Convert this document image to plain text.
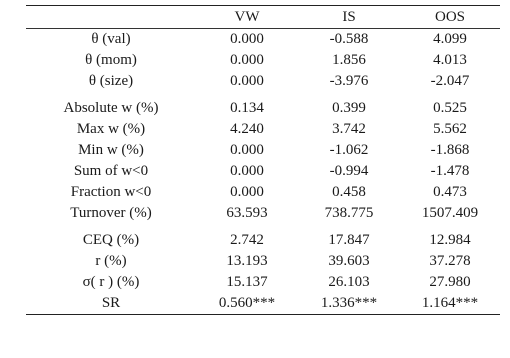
	VW	IS	OOS
θ (val)	0.000	-0.588	4.099
θ (mom)	0.000	1.856	4.013
θ (size)	0.000	-3.976	-2.047

Absolute w (%)	0.134	0.399	0.525
Max w (%)	4.240	3.742	5.562
Min w (%)	0.000	-1.062	-1.868
Sum of w<0	0.000	-0.994	-1.478
Fraction w<0	0.000	0.458	0.473
Turnover (%)	63.593	738.775	1507.409

CEQ (%)	2.742	17.847	12.984
r (%)	13.193	39.603	37.278
σ( r ) (%)	15.137	26.103	27.980
SR	0.560***	1.336***	1.164***
